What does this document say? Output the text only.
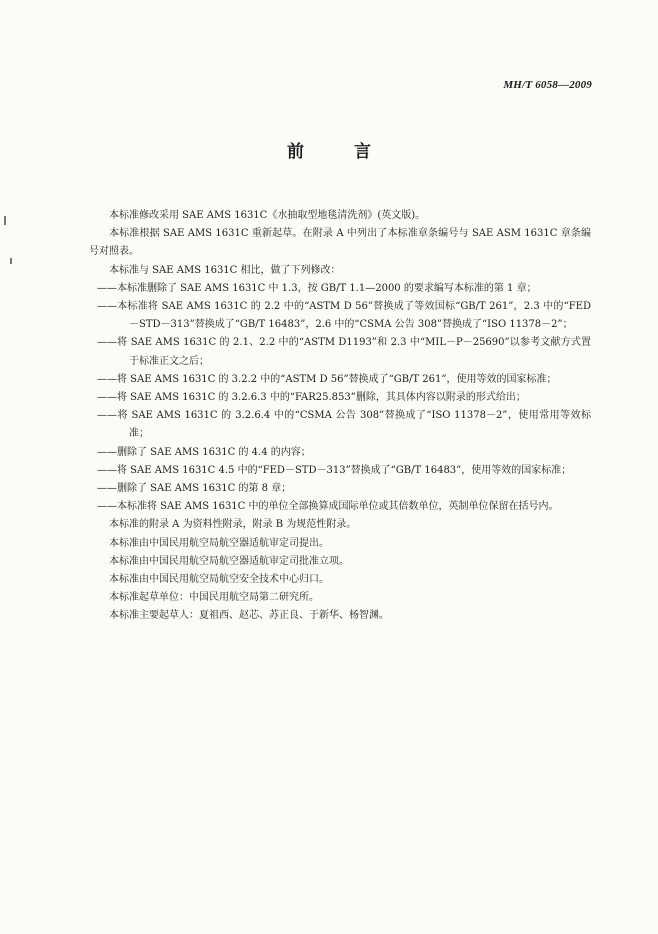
MH/T 6058—2009
前 言

本标准修改采用 SAE AMS 1631C《水抽取型地毯清洗剂》(英文版)。

本标准根据 SAE AMS 1631C 重新起草。在附录 A 中列出了本标准章条编号与 SAE ASM 1631C 章条编号对照表。

本标准与 SAE AMS 1631C 相比，做了下列修改：

——本标准删除了 SAE AMS 1631C 中 1.3，按 GB/T 1.1—2000 的要求编写本标准的第 1 章；

——本标准将 SAE AMS 1631C 的 2.2 中的“ASTM D 56”替换成了等效国标“GB/T 261”，2.3 中的“FED－STD－313”替换成了“GB/T 16483”，2.6 中的“CSMA 公告 308”替换成了“ISO 11378－2”；

——将 SAE AMS 1631C 的 2.1、2.2 中的“ASTM D1193”和 2.3 中“MIL－P－25690”以参考文献方式置于标准正文之后；

——将 SAE AMS 1631C 的 3.2.2 中的“ASTM D 56”替换成了“GB/T 261”，使用等效的国家标准；

——将 SAE AMS 1631C 的 3.2.6.3 中的“FAR25.853”删除，其具体内容以附录的形式给出；

——将 SAE AMS 1631C 的 3.2.6.4 中的“CSMA 公告 308”替换成了“ISO 11378－2”，使用常用等效标准；

——删除了 SAE AMS 1631C 的 4.4 的内容；

——将 SAE AMS 1631C 4.5 中的“FED－STD－313”替换成了“GB/T 16483”，使用等效的国家标准；

——删除了 SAE AMS 1631C 的第 8 章；

——本标准将 SAE AMS 1631C 中的单位全部换算成国际单位或其倍数单位，英制单位保留在括号内。

本标准的附录 A 为资料性附录，附录 B 为规范性附录。

本标准由中国民用航空局航空器适航审定司提出。

本标准由中国民用航空局航空器适航审定司批准立项。

本标准由中国民用航空局航空安全技术中心归口。

本标准起草单位：中国民用航空局第二研究所。

本标准主要起草人：夏祖西、赵芯、苏正良、于新华、杨智渊。
